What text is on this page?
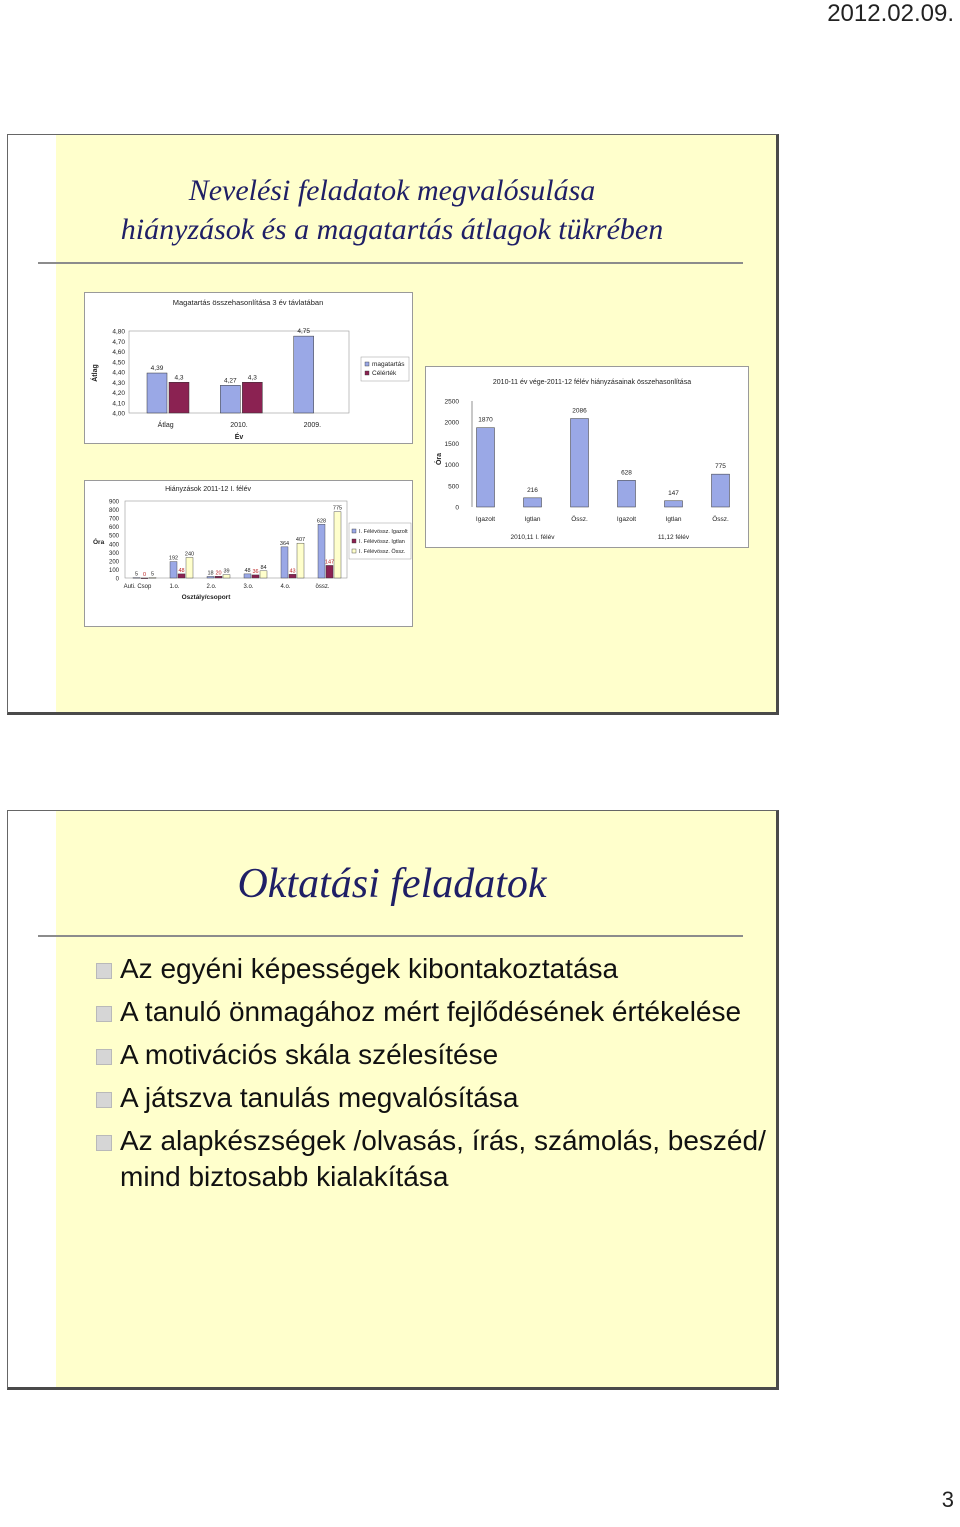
2012.02.09.
Nevelési feladatok megvalósulása
hiányzások és a magatartás átlagok tükrében
Magatartás összehasonlítása 3 év távlatában
Átlag
4,00
4,10
4,20
4,30
4,40
4,50
4,60
4,70
4,80
4,39
4,3
Átlag
4,27 4,3
2010.
4,75
2009.
Év
magatartás
Célérték
Hiányzások 2011-12 I. félév
Óra
0
100
200
300
400
500
600
700
800
900
5 0 5
Auti. Csop
192
48
240
1.o.
18 20 39
2.o.
48 36
84
3.o.
364
43
407
4.o.
628
147
775
össz.
Osztály/csoport
I. Félévössz. Igazolt
I. Félévössz. Igtlan
I. Félévössz. Össz.
2010-11 év vége-2011-12 félév hiányzásainak összehasonlítása
Óra
0
500
1000
1500
2000
2500
1870
Igazolt
216
Igtlan
2086
Össz.
628
Igazolt
147
Igtlan
775
Össz.
2010,11 I. félév	11,12 félév
Oktatási feladatok
Az egyéni képességek kibontakoztatása
A tanuló önmagához mért fejlődésének értékelése
A motivációs skála szélesítése
A játszva tanulás megvalósítása
Az alapkészségek /olvasás, írás, számolás, beszéd/ mind biztosabb kialakítása
3
